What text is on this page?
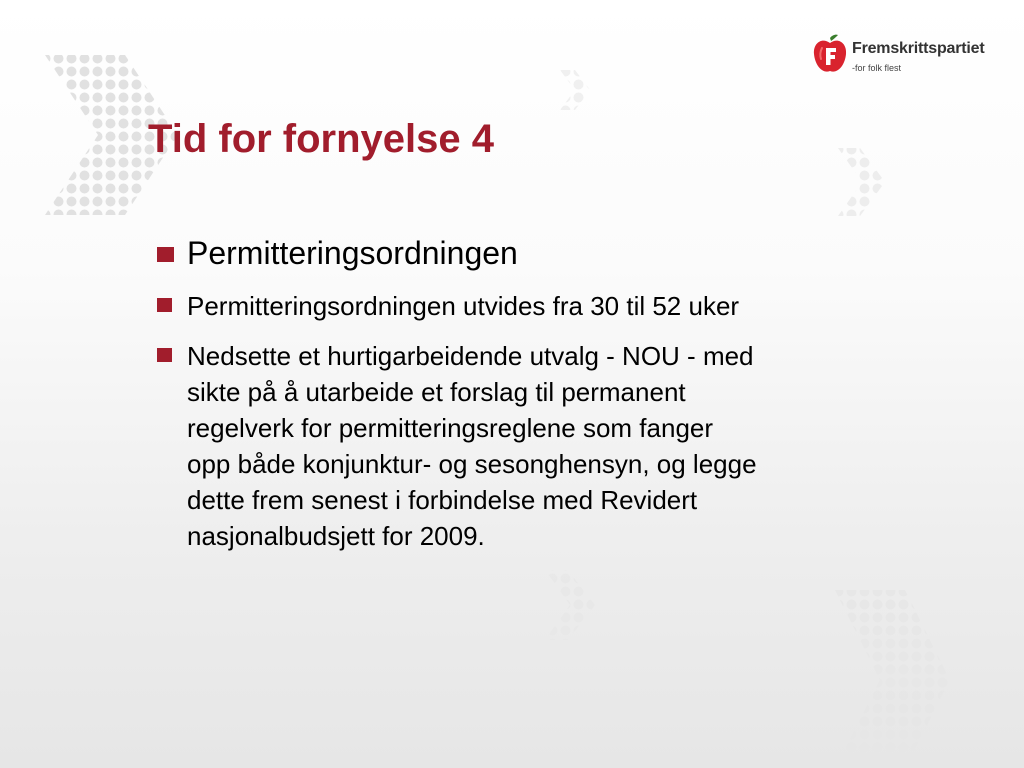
Fremskrittspartiet
-for folk flest
Tid for fornyelse 4
Permitteringsordningen
Permitteringsordningen utvides fra 30 til 52 uker
Nedsette et hurtigarbeidende utvalg - NOU - med
sikte på å utarbeide et forslag til permanent
regelverk for permitteringsreglene som fanger
opp både konjunktur- og sesonghensyn, og legge
dette frem senest i forbindelse med Revidert
nasjonalbudsjett for 2009.
